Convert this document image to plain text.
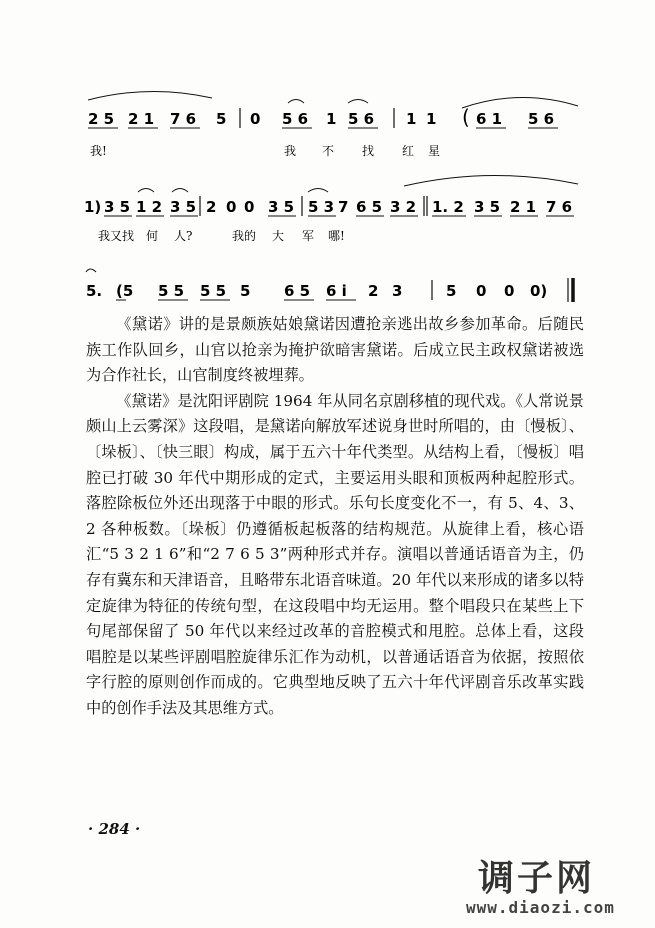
2 5 2 1 7 6 5 0 5 6 1 5 6 1 1 ( 6 1 5 6
我!	我 不 找 红 星
1) 3 5 1 2 3 5 2 0 0 3 5 5 3 7 6 5 3 2 1. 2 3 5 2 1 7 6
我又找 何 人?	我的 大 军 哪!
5. (5 5 5 5 5 5 6 5 6 i 2 3	5 0 0 0)

《黛诺》讲的是景颇族姑娘黛诺因遭抢亲逃出故乡参加革命。后随民族工作队回乡，山官以抢亲为掩护欲暗害黛诺。后成立民主政权黛诺被选为合作社长，山官制度终被埋葬。

《黛诺》是沈阳评剧院 1964 年从同名京剧移植的现代戏。《人常说景颇山上云雾深》这段唱，是黛诺向解放军述说身世时所唱的，由〔慢板〕、〔垛板〕、〔快三眼〕构成，属于五六十年代类型。从结构上看，〔慢板〕唱腔已打破 30 年代中期形成的定式，主要运用头眼和顶板两种起腔形式。落腔除板位外还出现落于中眼的形式。乐句长度变化不一，有 5、4、3、2 各种板数。〔垛板〕仍遵循板起板落的结构规范。从旋律上看，核心语汇“5 3 2 1 6”和“2 7 6 5 3”两种形式并存。演唱以普通话语音为主，仍存有冀东和天津语音，且略带东北语音味道。20 年代以来形成的诸多以特定旋律为特征的传统句型，在这段唱中均无运用。整个唱段只在某些上下句尾部保留了 50 年代以来经过改革的音腔模式和甩腔。总体上看，这段唱腔是以某些评剧唱腔旋律乐汇作为动机，以普通话语音为依据，按照依字行腔的原则创作而成的。它典型地反映了五六十年代评剧音乐改革实践中的创作手法及其思维方式。

· 284 ·
调子网
www.diaozi.com
